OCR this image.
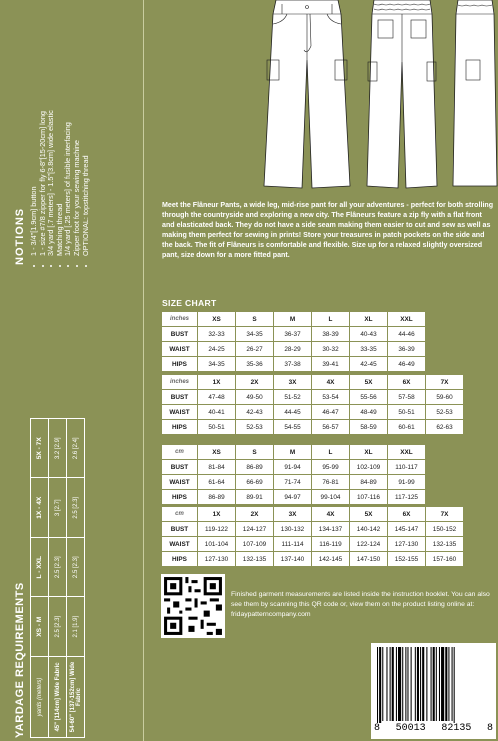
NOTIONS • 1 - 3/4"[1.9cm] button • 1 - size #7/8 zipper for fly 6-8"[15-20cm] long • 3/4 yard [.7 meters] - 1.5"[3.8cm] wide elastic • Matching thread • 1/4 yard [.25 meters] of fusible interfacing • Zipper foot for your sewing machine • OPTIONAL: topstitching thread
YARDAGE REQUIREMENTS yards (meters)	XS - M	L - XXL	1X - 4X	5X - 7X
45" [114cm] Wide Fabric	2.5 [2.3]	2.5 [2.3]	3 [2.7]	3.2 [2.9]
54-60" [137-152cm] Wide Fabric	2.1 [1.9]	2.5 [2.3]	2.5 [2.3]	2.6 [2.4]
Meet the Flâneur Pants, a wide leg, mid-rise pant for all your adventures - perfect for both strolling through the countryside and exploring a new city. The Flâneurs feature a zip fly with a flat front and elasticated back. They do not have a side seam making them easier to cut and sew as well as making them perfect for sewing in prints! Store your treasures in patch pockets on the side and the back. The fit of Flâneurs is comfortable and flexible. Size up for a relaxed slightly oversized pant, size down for a more fitted pant.
SIZE CHART
inches	XS	S	M	L	XL	XXL
BUST	32-33	34-35	36-37	38-39	40-43	44-46
WAIST	24-25	26-27	28-29	30-32	33-35	36-39
HIPS	34-35	35-36	37-38	39-41	42-45	46-49
inches	1X	2X	3X	4X	5X	6X	7X
BUST	47-48	49-50	51-52	53-54	55-56	57-58	59-60
WAIST	40-41	42-43	44-45	46-47	48-49	50-51	52-53
HIPS	50-51	52-53	54-55	56-57	58-59	60-61	62-63
cm	XS	S	M	L	XL	XXL
BUST	81-84	86-89	91-94	95-99	102-109	110-117
WAIST	61-64	66-69	71-74	76-81	84-89	91-99
HIPS	86-89	89-91	94-97	99-104	107-116	117-125
cm	1X	2X	3X	4X	5X	6X	7X
BUST	119-122	124-127	130-132	134-137	140-142	145-147	150-152
WAIST	101-104	107-109	111-114	116-119	122-124	127-130	132-135
HIPS	127-130	132-135	137-140	142-145	147-150	152-155	157-160
Finished garment measurements are listed inside the instruction booklet. You can also see them by scanning this QR code or, view them on the product listing online at: fridaypatterncompany.com
8 50013 82135 8
